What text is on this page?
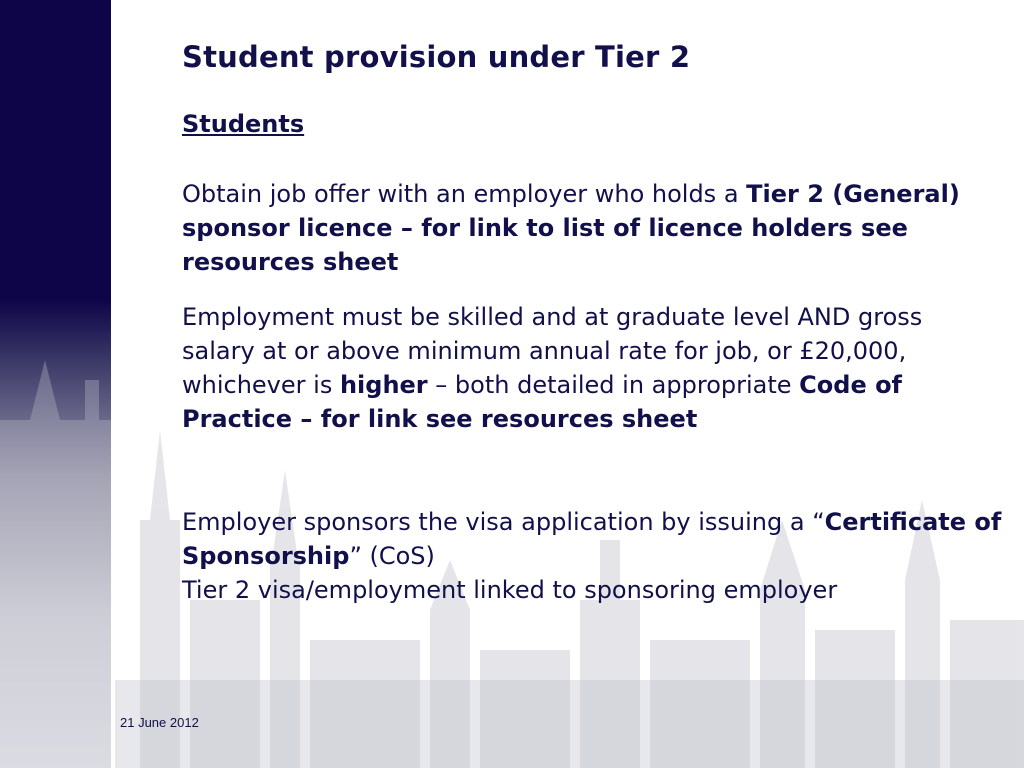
Student provision under Tier 2
Students

Obtain job offer with an employer who holds a Tier 2 (General) sponsor licence – for link to list of licence holders see resources sheet

Employment must be skilled and at graduate level AND gross salary at or above minimum annual rate for job, or £20,000, whichever is higher – both detailed in appropriate Code of Practice – for link see resources sheet

Employer sponsors the visa application by issuing a “Certificate of Sponsorship” (CoS)
Tier 2 visa/employment linked to sponsoring employer

21 June 2012
